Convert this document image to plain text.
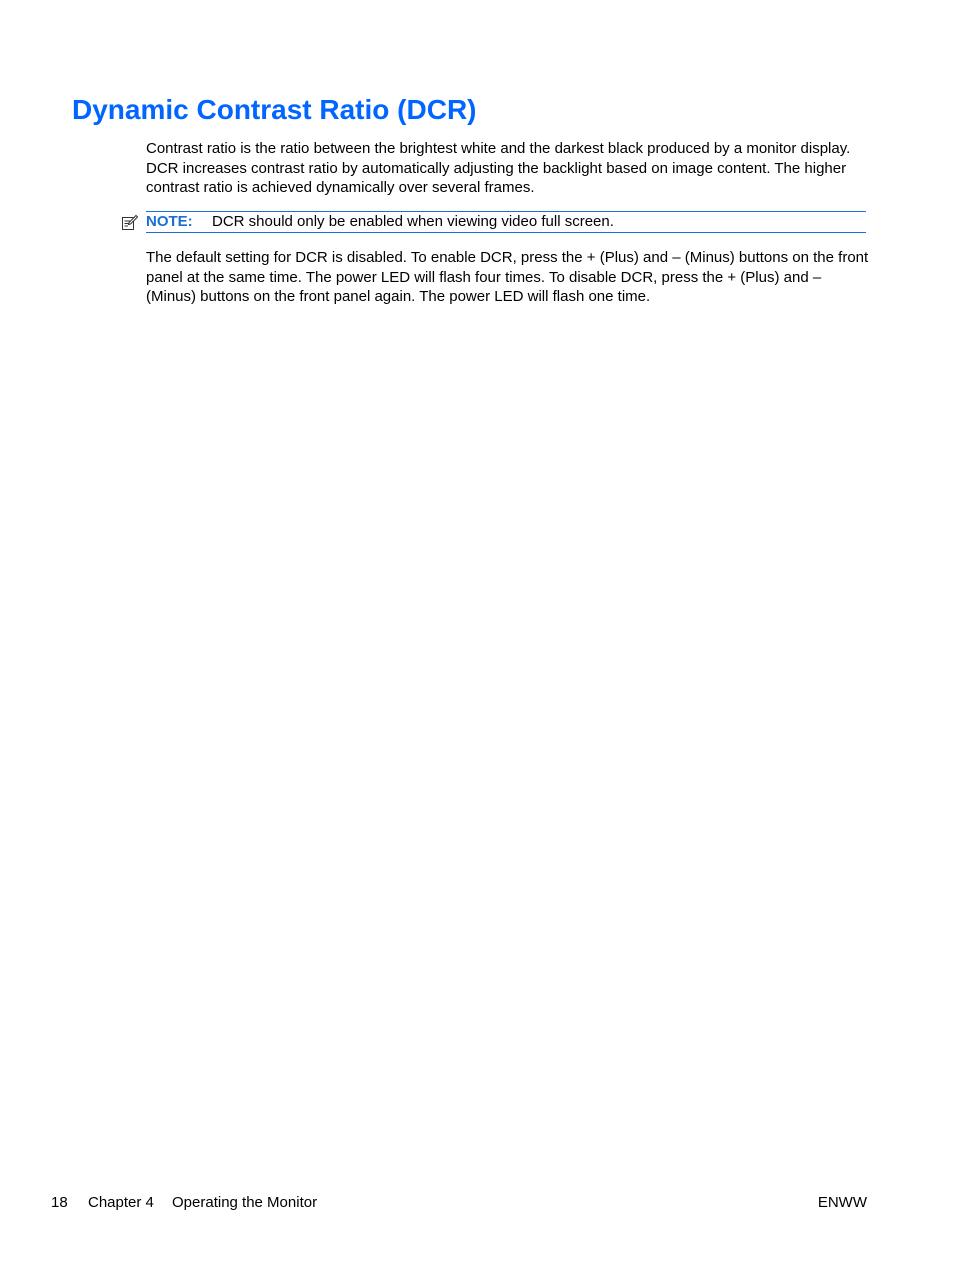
Dynamic Contrast Ratio (DCR)

Contrast ratio is the ratio between the brightest white and the darkest black produced by a monitor display. DCR increases contrast ratio by automatically adjusting the backlight based on image content. The higher contrast ratio is achieved dynamically over several frames.

NOTE: DCR should only be enabled when viewing video full screen.

The default setting for DCR is disabled. To enable DCR, press the + (Plus) and – (Minus) buttons on the front panel at the same time. The power LED will flash four times. To disable DCR, press the + (Plus) and – (Minus) buttons on the front panel again. The power LED will flash one time.

18 Chapter 4 Operating the Monitor	ENWW
